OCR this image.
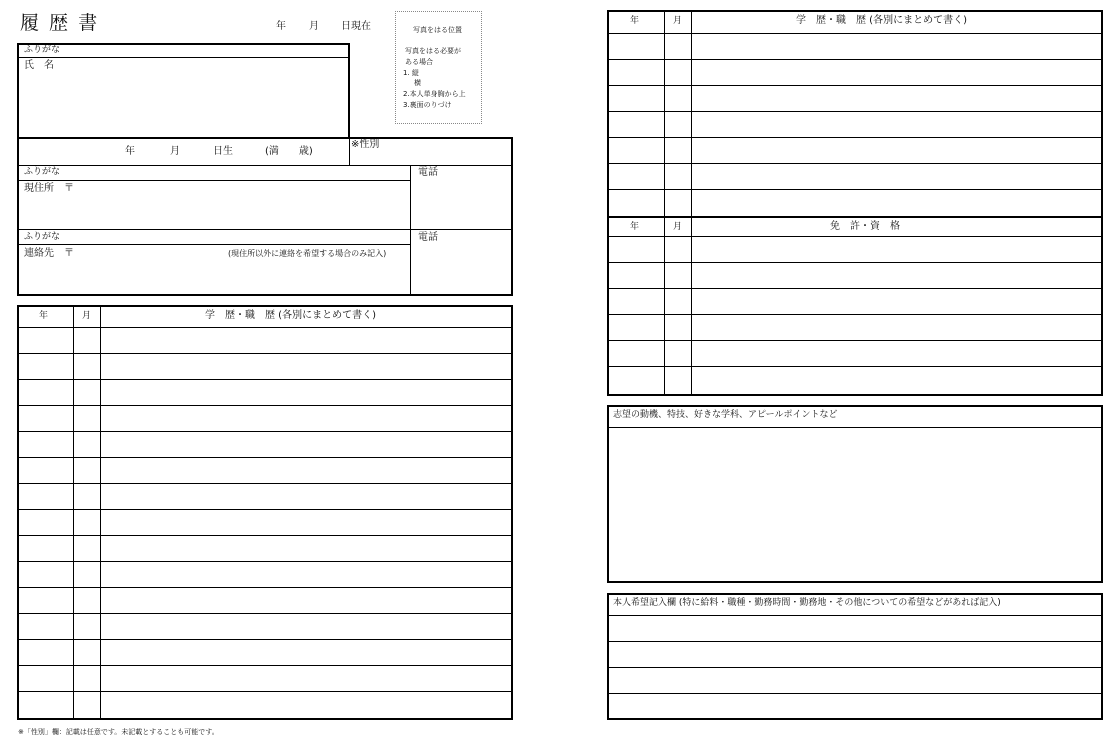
履 歴 書	年 月 日現在	写真をはる位置
写真をはる必要が
ある場合
1. 縦
横
2.本人単身胸から上
3.裏面のりづけ
ふりがな
氏　名
年	月	日生	(満　　歳)
※性別
ふりがな
現住所　〒
電話
ふりがな
連絡先　〒	(現住所以外に連絡を希望する場合のみ記入)
電話
年	月	学　歴・職　歴 (各別にまとめて書く)
年	月	学　歴・職　歴 (各別にまとめて書く)
年	月	免　許・資　格
志望の動機、特技、好きな学科、アピールポイントなど
本人希望記入欄 (特に給料・職種・勤務時間・勤務地・その他についての希望などがあれば記入)
※「性別」欄：記載は任意です。未記載とすることも可能です。
